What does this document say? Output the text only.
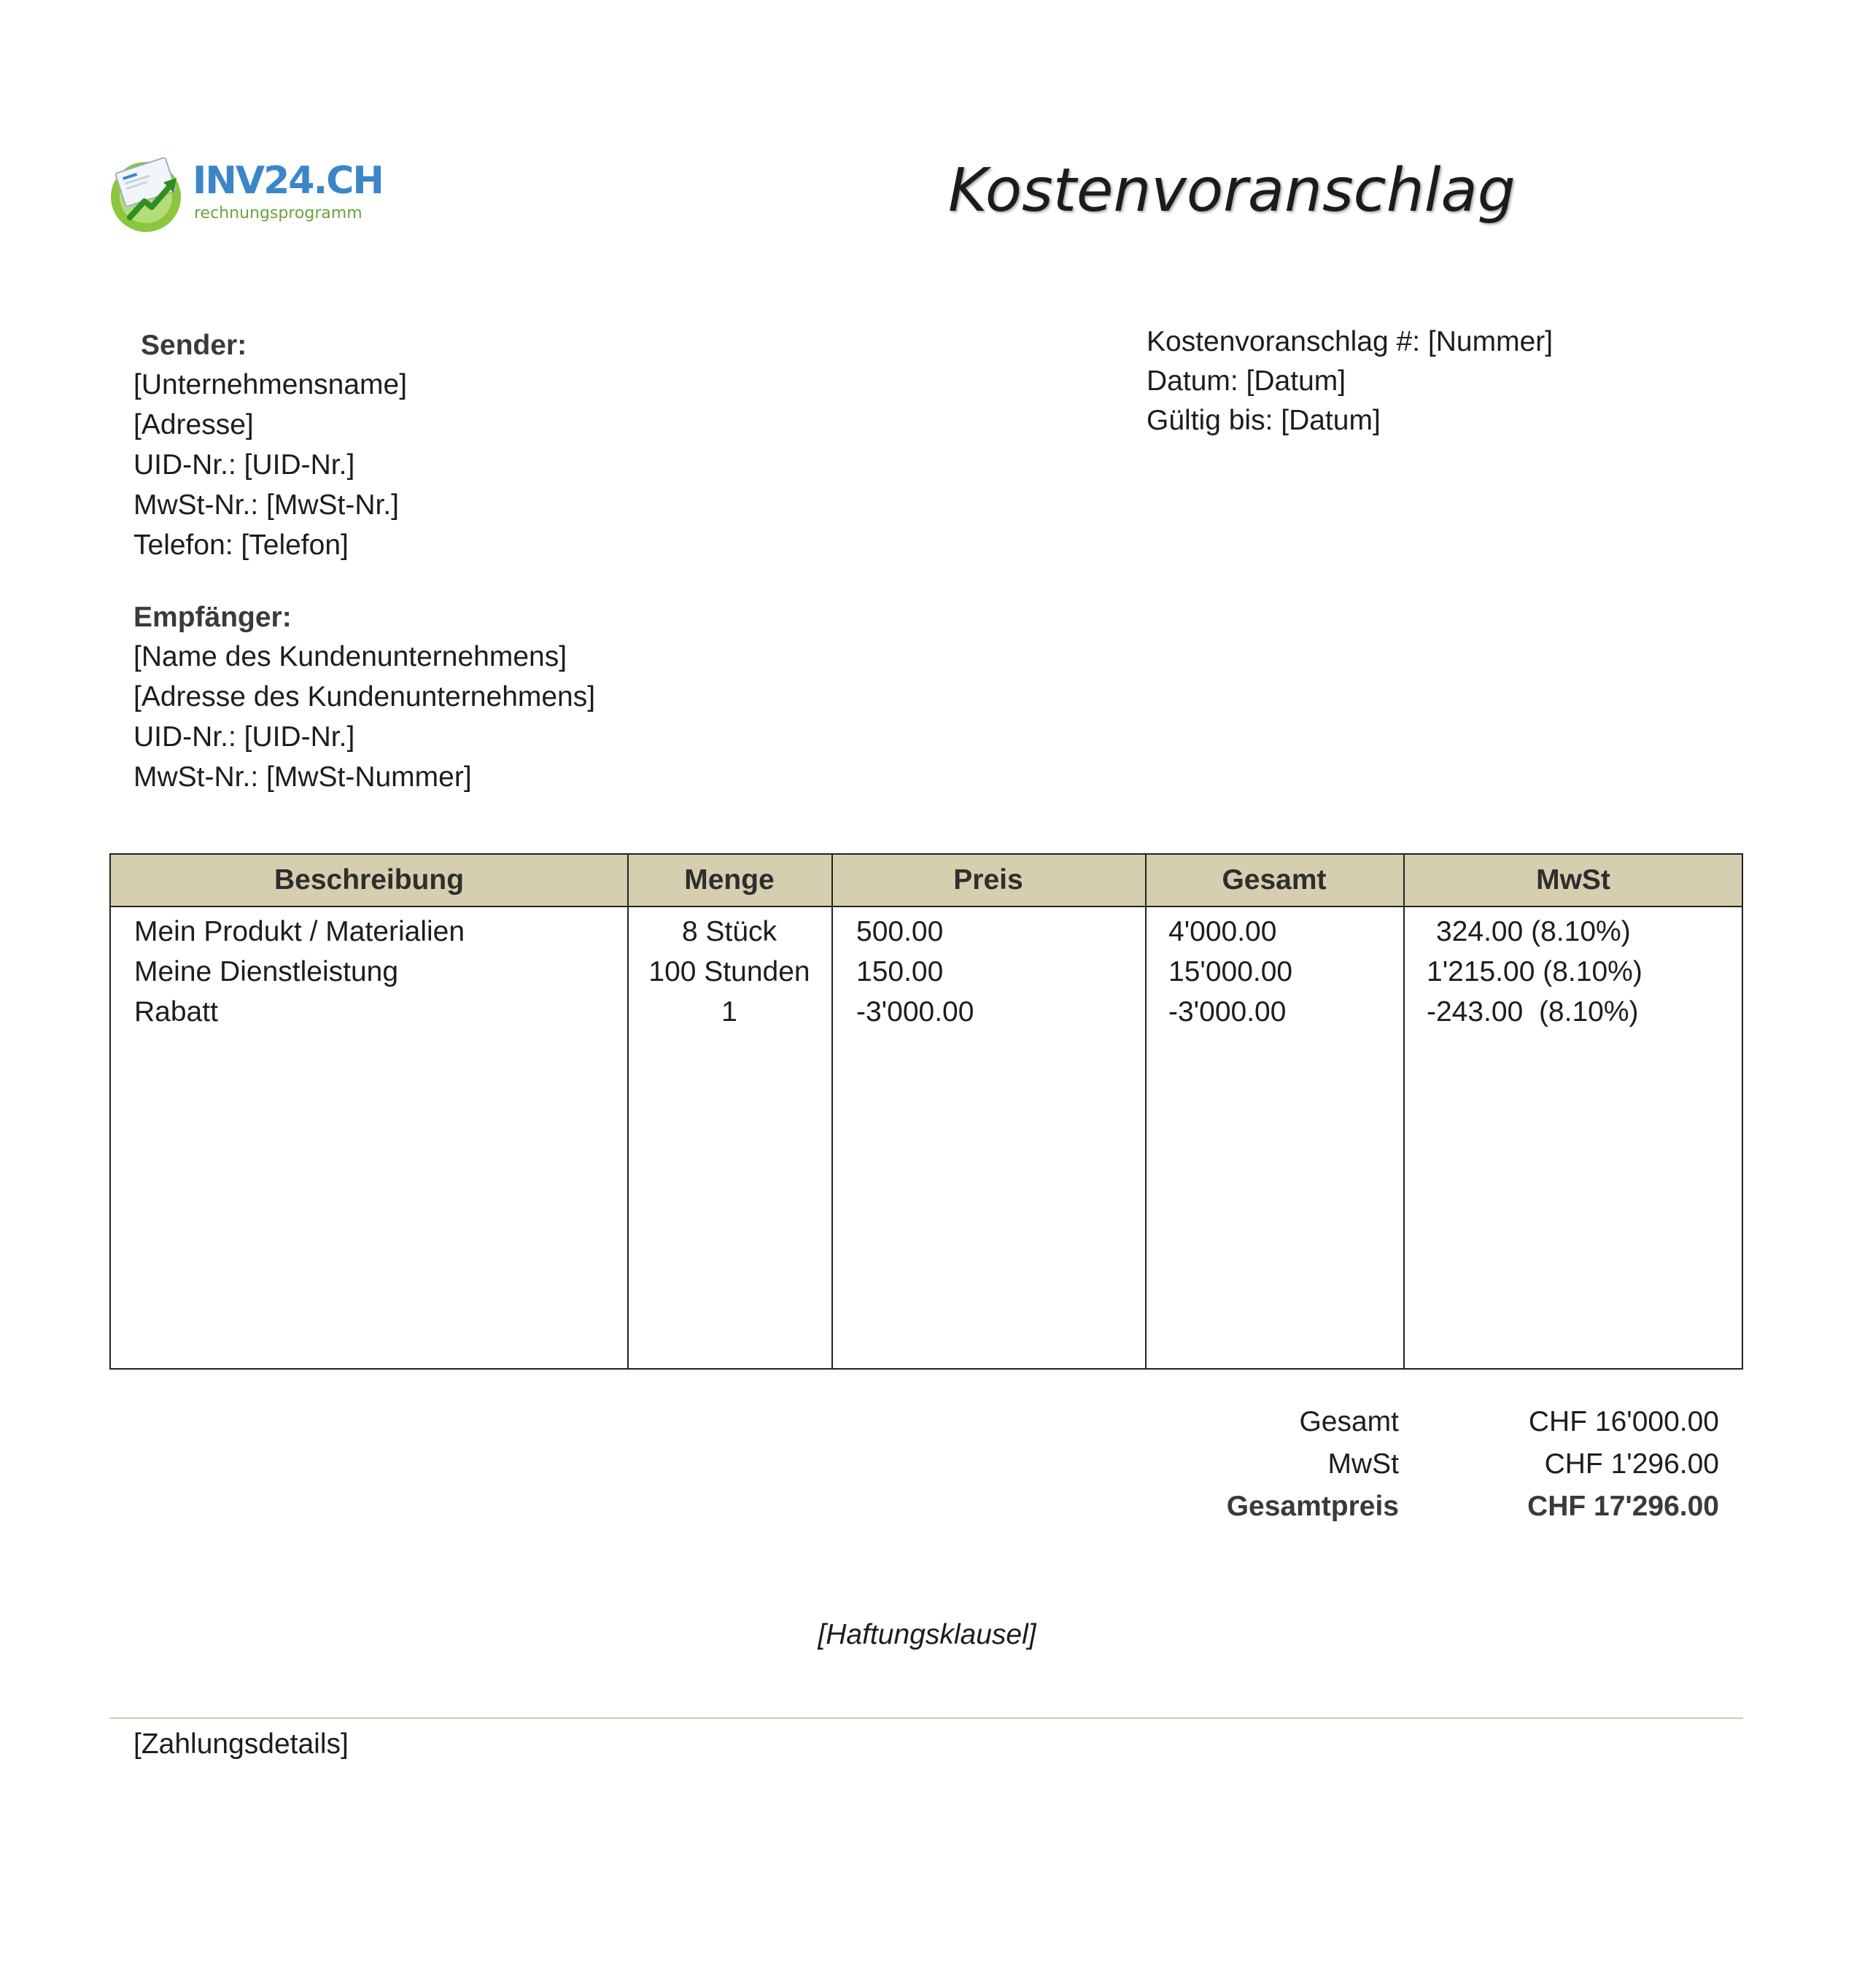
INV24.CH
rechnungsprogramm	Kostenvoranschlag
Kostenvoranschlag #: [Nummer]
Datum: [Datum]
Gültig bis: [Datum]
Sender:
[Unternehmensname]
[Adresse]
UID-Nr.: [UID-Nr.]
MwSt-Nr.: [MwSt-Nr.]
Telefon: [Telefon]
Empfänger:
[Name des Kundenunternehmens]
[Adresse des Kundenunternehmens]
UID-Nr.: [UID-Nr.]
MwSt-Nr.: [MwSt-Nummer]
Beschreibung	Menge	Preis	Gesamt	MwSt
Mein Produkt / Materialien	8 Stück	500.00	4'000.00	324.00 (8.10%)
Meine Dienstleistung	100 Stunden	150.00	15'000.00	1'215.00 (8.10%)
Rabatt	1	-3'000.00	-3'000.00	-243.00  (8.10%)
Gesamt	CHF 16'000.00
MwSt	CHF 1'296.00
Gesamtpreis	CHF 17'296.00
[Haftungsklausel]
[Zahlungsdetails]
